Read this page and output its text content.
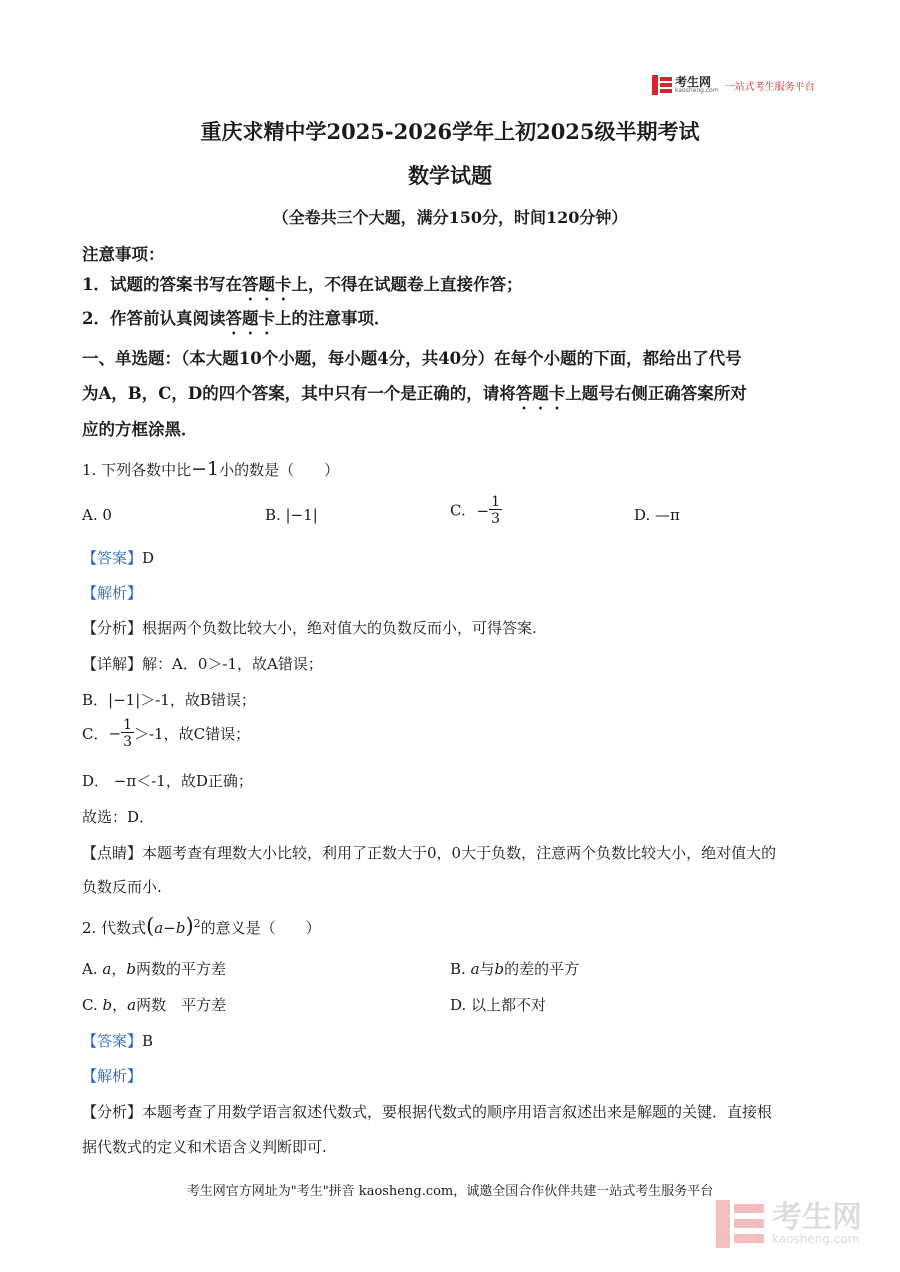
考生网
kaosheng.com 一站式考生服务平台
重庆求精中学2025-2026学年上初2025级半期考试
数学试题
（全卷共三个大题，满分150分，时间120分钟）
注意事项：
1．试题的答案书写在答题卡上，不得在试题卷上直接作答；
2．作答前认真阅读答题卡上的注意事项．
一、单选题：（本大题10个小题，每小题4分，共40分）在每个小题的下面，都给出了代号
为A，B，C，D的四个答案，其中只有一个是正确的，请将答题卡上题号右侧正确答案所对
应的方框涂黑．
1. 下列各数中比−1小的数是（　　）
A. 0	B. |−1|	C. − $\frac{1}{3}$	D. —π
【答案】D
【解析】
【分析】根据两个负数比较大小，绝对值大的负数反而小，可得答案.
【详解】解：A．0＞-1，故A错误；
B．|−1|＞-1，故B错误；
C．− $\frac{1}{3} >-1$，故C错误；
D． −π＜-1，故D正确；
故选：D．
【点睛】本题考查有理数大小比较，利用了正数大于0，0大于负数，注意两个负数比较大小，绝对值大的
负数反而小.
2. 代数式$(a-b)^2$的意义是（　　）
A. a，b两数的平方差	B. a与b的差的平方
C. b，a两数　平方差	D. 以上都不对
【答案】B
【解析】
【分析】本题考查了用数学语言叙述代数式，要根据代数式的顺序用语言叙述出来是解题的关键．直接根
据代数式的定义和术语含义判断即可.
考生网官方网址为"考生"拼音 kaosheng.com，诚邀全国合作伙伴共建一站式考生服务平台
考生网
kaosheng.com
